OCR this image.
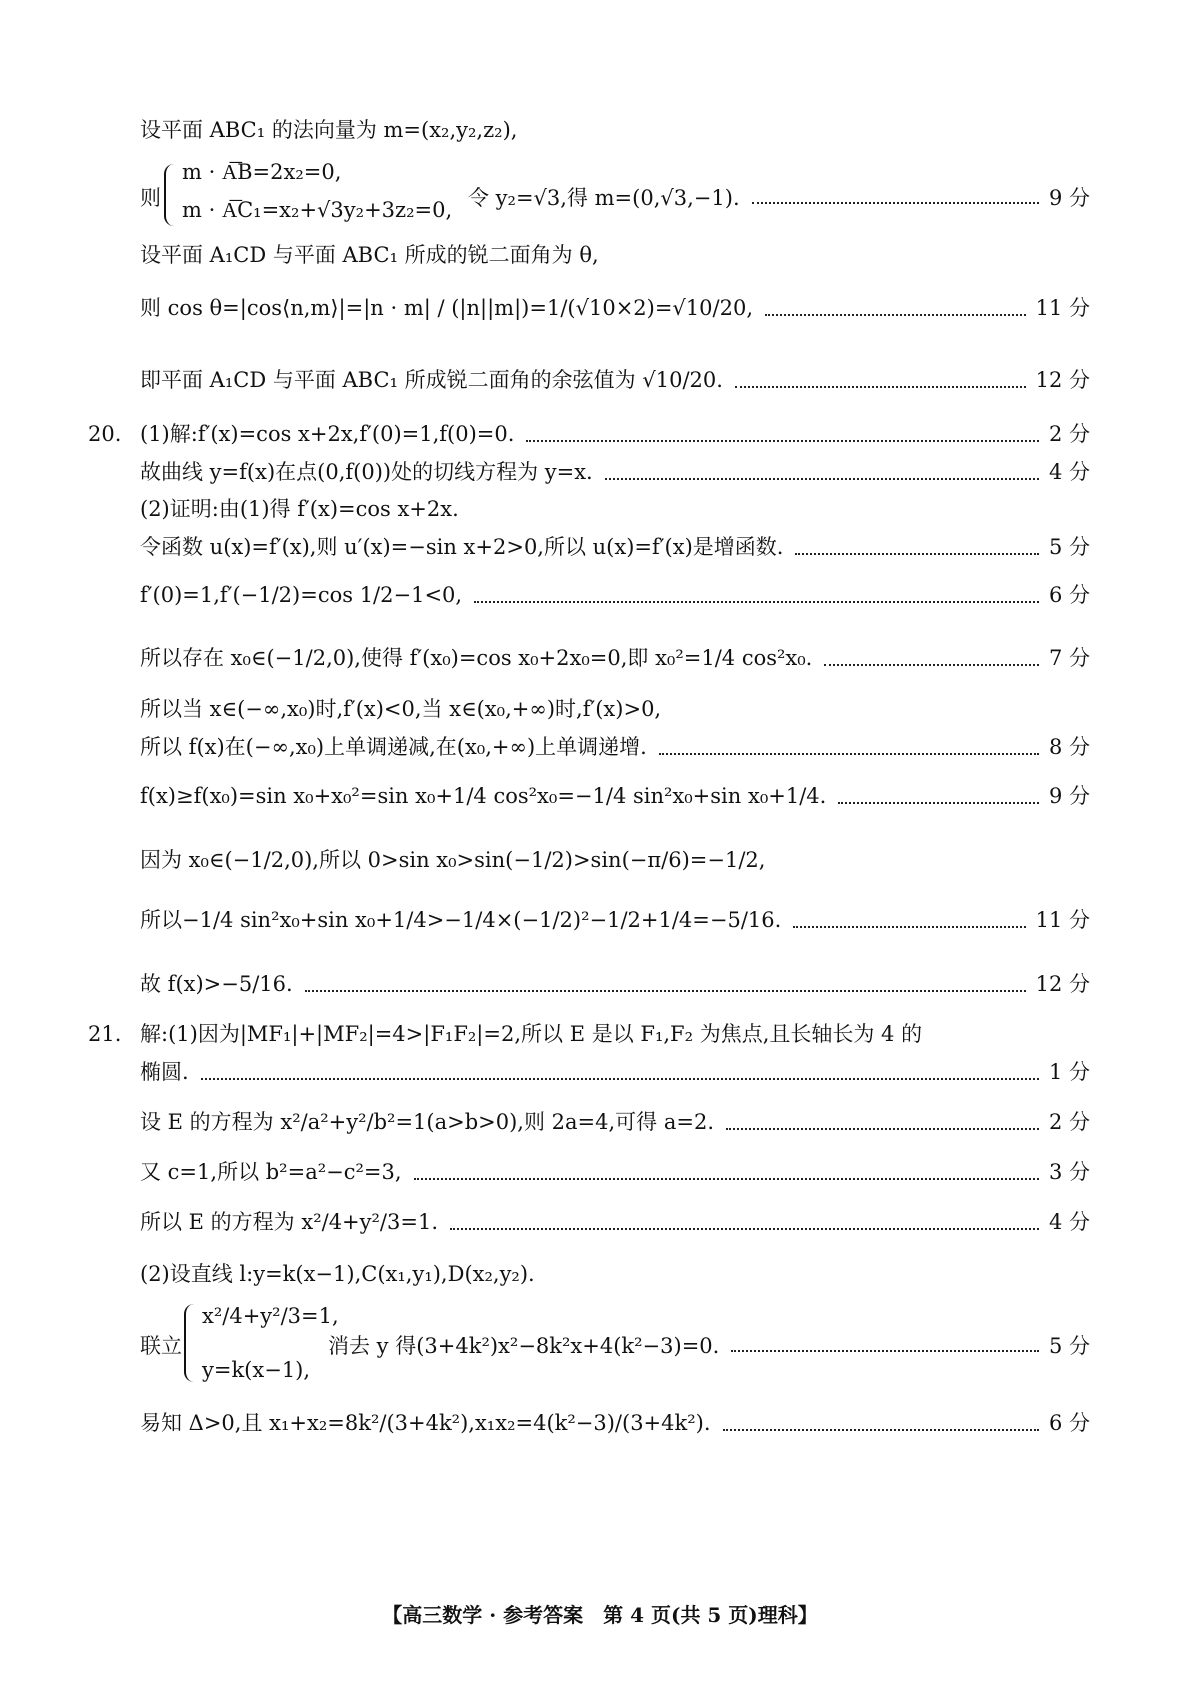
设平面 ABC₁ 的法向量为 m=(x₂,y₂,z₂),
则
m · A͞B=2x₂=0,
m · A͞C₁=x₂+√3y₂+3z₂=0, 令 y₂=√3,得 m=(0,√3,−1).	9 分
设平面 A₁CD 与平面 ABC₁ 所成的锐二面角为 θ,
则 cos θ=|cos⟨n,m⟩|=|n · m| / (|n||m|)=1/(√10×2)=√10/20,	11 分
即平面 A₁CD 与平面 ABC₁ 所成锐二面角的余弦值为 √10/20.	12 分
20. (1)解:f′(x)=cos x+2x,f′(0)=1,f(0)=0.	2 分
故曲线 y=f(x)在点(0,f(0))处的切线方程为 y=x.	4 分
(2)证明:由(1)得 f′(x)=cos x+2x.
令函数 u(x)=f′(x),则 u′(x)=−sin x+2>0,所以 u(x)=f′(x)是增函数.	5 分
f′(0)=1,f′(−1/2)=cos 1/2−1<0,	6 分
所以存在 x₀∈(−1/2,0),使得 f′(x₀)=cos x₀+2x₀=0,即 x₀²=1/4 cos²x₀.	7 分
所以当 x∈(−∞,x₀)时,f′(x)<0,当 x∈(x₀,+∞)时,f′(x)>0,
所以 f(x)在(−∞,x₀)上单调递减,在(x₀,+∞)上单调递增.	8 分
f(x)≥f(x₀)=sin x₀+x₀²=sin x₀+1/4 cos²x₀=−1/4 sin²x₀+sin x₀+1/4.	9 分
因为 x₀∈(−1/2,0),所以 0>sin x₀>sin(−1/2)>sin(−π/6)=−1/2,
所以−1/4 sin²x₀+sin x₀+1/4>−1/4×(−1/2)²−1/2+1/4=−5/16.	11 分
故 f(x)>−5/16.	12 分
21. 解:(1)因为|MF₁|+|MF₂|=4>|F₁F₂|=2,所以 E 是以 F₁,F₂ 为焦点,且长轴长为 4 的
椭圆.	1 分
设 E 的方程为 x²/a²+y²/b²=1(a>b>0),则 2a=4,可得 a=2.	2 分
又 c=1,所以 b²=a²−c²=3,	3 分
所以 E 的方程为 x²/4+y²/3=1.	4 分
(2)设直线 l:y=k(x−1),C(x₁,y₁),D(x₂,y₂).
联立
x²/4+y²/3=1,
y=k(x−1),
消去 y 得(3+4k²)x²−8k²x+4(k²−3)=0.	5 分
易知 Δ>0,且 x₁+x₂=8k²/(3+4k²),x₁x₂=4(k²−3)/(3+4k²).	6 分
【高三数学 · 参考答案　第 4 页(共 5 页)理科】
